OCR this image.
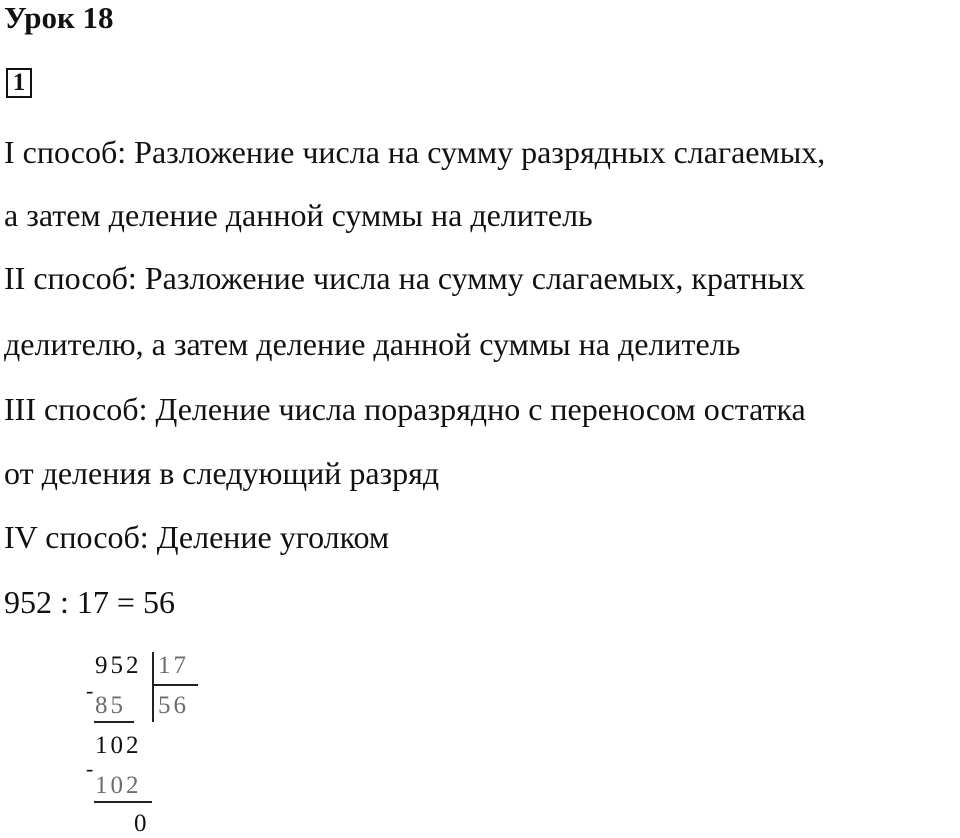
Урок 18
1
I способ: Разложение числа на сумму разрядных слагаемых,
а затем деление данной суммы на делитель
II способ: Разложение числа на сумму слагаемых, кратных
делителю, а затем деление данной суммы на делитель
III способ: Деление числа поразрядно с переносом остатка
от деления в следующий разряд
IV способ: Деление уголком
952 : 17 = 56
952 17
-
85 56
102
-
102
0
